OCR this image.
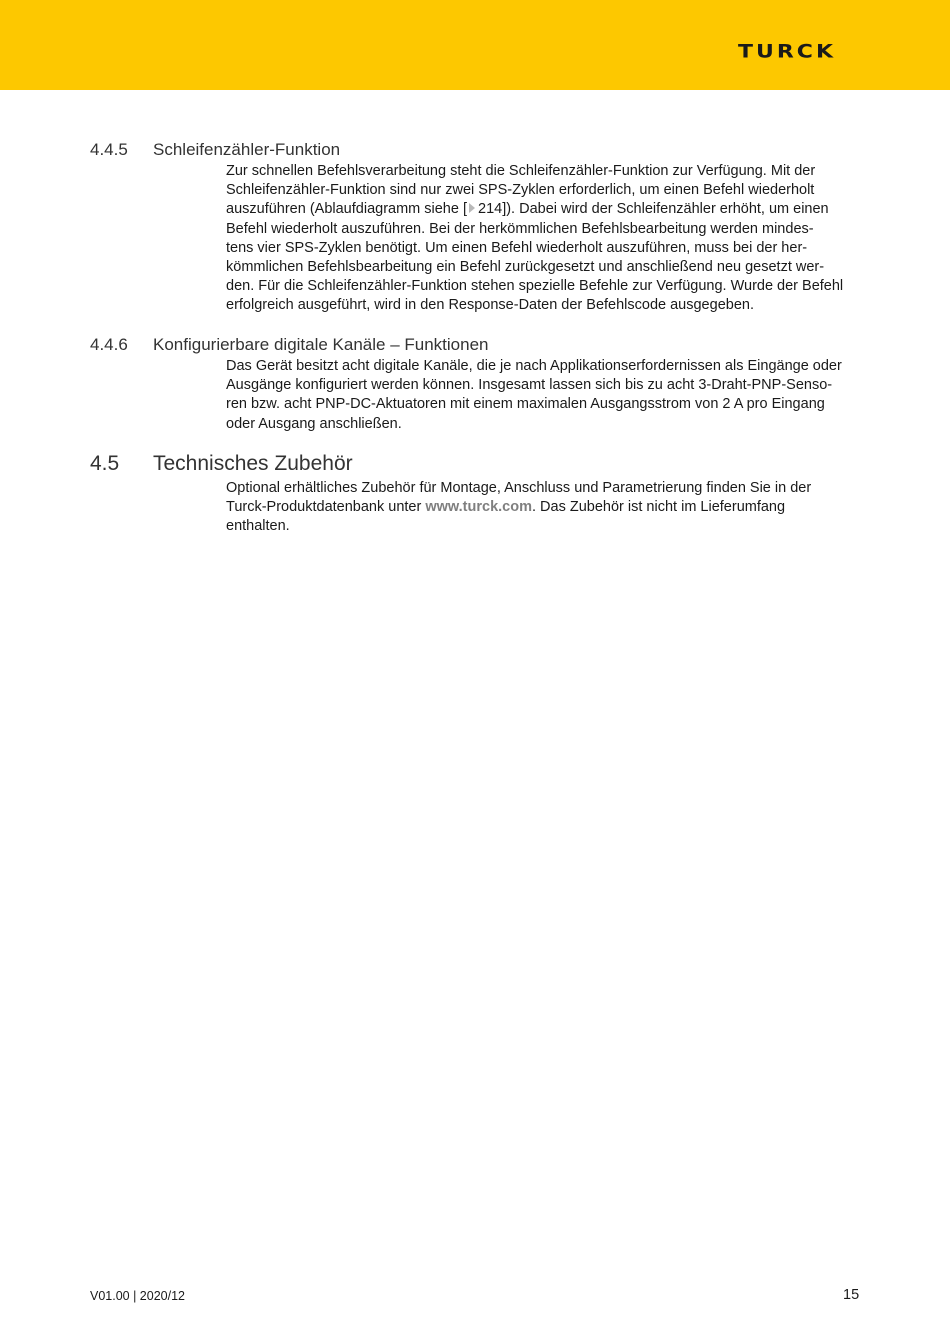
TURCK
4.4.5 Schleifenzähler-Funktion
Zur schnellen Befehlsverarbeitung steht die Schleifenzähler-Funktion zur Verfügung. Mit der
Schleifenzähler-Funktion sind nur zwei SPS-Zyklen erforderlich, um einen Befehl wiederholt
auszuführen (Ablaufdiagramm siehe [ 214]). Dabei wird der Schleifenzähler erhöht, um einen
Befehl wiederholt auszuführen. Bei der herkömmlichen Befehlsbearbeitung werden mindes-
tens vier SPS-Zyklen benötigt. Um einen Befehl wiederholt auszuführen, muss bei der her-
kömmlichen Befehlsbearbeitung ein Befehl zurückgesetzt und anschließend neu gesetzt wer-
den. Für die Schleifenzähler-Funktion stehen spezielle Befehle zur Verfügung. Wurde der Befehl
erfolgreich ausgeführt, wird in den Response-Daten der Befehlscode ausgegeben.
4.4.6 Konfigurierbare digitale Kanäle – Funktionen
Das Gerät besitzt acht digitale Kanäle, die je nach Applikationserfordernissen als Eingänge oder
Ausgänge konfiguriert werden können. Insgesamt lassen sich bis zu acht 3-Draht-PNP-Senso-
ren bzw. acht PNP-DC-Aktuatoren mit einem maximalen Ausgangsstrom von 2 A pro Eingang
oder Ausgang anschließen.
4.5 Technisches Zubehör
Optional erhältliches Zubehör für Montage, Anschluss und Parametrierung finden Sie in der
Turck-Produktdatenbank unter www.turck.com. Das Zubehör ist nicht im Lieferumfang
enthalten.
V01.00 | 2020/12	15
